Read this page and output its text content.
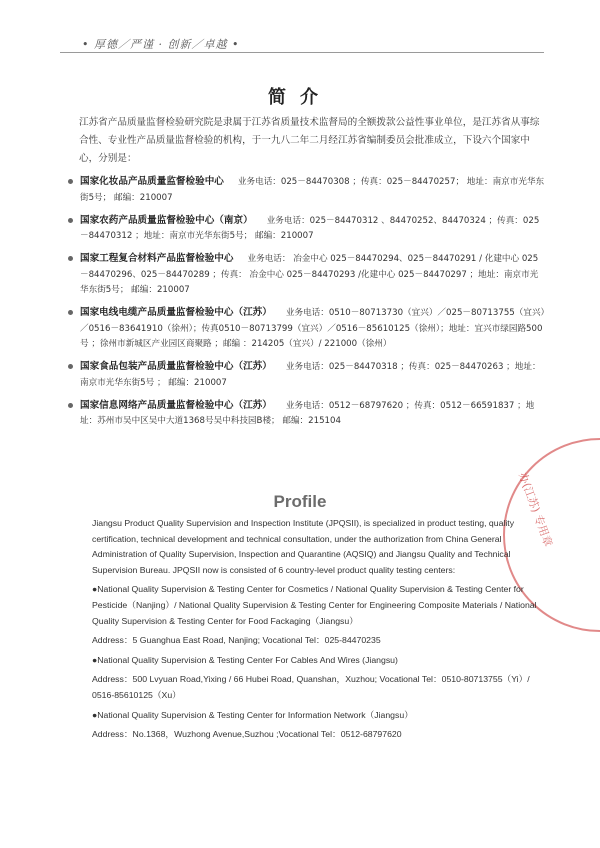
• 厚德／严谨 · 创新／卓越 •
简介
江苏省产品质量监督检验研究院是隶属于江苏省质量技术监督局的全额拨款公益性事业单位，是江苏省从事综合性、专业性产品质量监督检验的机构，于一九八二年二月经江苏省编制委员会批准成立，下设六个国家中心，分别是：
国家化妆品产品质量监督检验中心 业务电话：025－84470308 ；传真：025－84470257； 地址：南京市光华东街5号； 邮编：210007
国家农药产品质量监督检验中心（南京） 业务电话：025－84470312 、84470252、84470324 ；传真：025－84470312 ；地址：南京市光华东街5号； 邮编：210007
国家工程复合材料产品监督检验中心 业务电话： 冶金中心 025－84470294、025－84470291 / 化建中心 025－84470296、025－84470289 ；传真： 冶金中心 025－84470293 /化建中心 025－84470297 ；地址：南京市光华东街5号； 邮编：210007
国家电线电缆产品质量监督检验中心（江苏） 业务电话：0510－80713730（宜兴）／025－80713755（宜兴）／0516－83641910（徐州）；传真0510－80713799（宜兴）／0516－85610125（徐州）；地址：宜兴市绿园路500号 ；徐州市新城区产业园区商聚路 ；邮编 ：214205（宜兴）/ 221000（徐州）
国家食品包装产品质量监督检验中心（江苏） 业务电话：025－84470318 ；传真：025－84470263 ；地址： 南京市光华东街5号 ； 邮编：210007
国家信息网络产品质量监督检验中心（江苏） 业务电话：0512－68797620 ；传真：0512－66591837 ；地址：苏州市吴中区吴中大道1368号吴中科技园B楼； 邮编：215104
办(江苏) 专用章
Profile

Jiangsu Product Quality Supervision and Inspection Institute (JPQSII), is specialized in product testing, quality certification, technical development and technical consultation, under the authorization from China General Administration of Quality Supervision, Inspection and Quarantine (AQSIQ) and Jiangsu Quality and Technical Supervision Bureau. JPQSII now is consisted of 6 country-level product quality testing centers:

●National Quality Supervision & Testing Center for Cosmetics / National Quality Supervision & Testing Center for Pesticide（Nanjing）/ National Quality Supervision & Testing Center for Engineering Composite Materials / National Quality Supervision & Testing Center for Food Fackaging（Jiangsu）

Address：5 Guanghua East Road, Nanjing; Vocational Tel：025-84470235

●National Quality Supervision & Testing Center For Cables And Wires (Jiangsu)

Address：500 Lvyuan Road,Yixing / 66 Hubei Road, Quanshan，Xuzhou; Vocational Tel：0510-80713755（Yi）/ 0516-85610125（Xu）

●National Quality Supervision & Testing Center for Information Network（Jiangsu）

Address：No.1368，Wuzhong Avenue,Suzhou ;Vocational Tel：0512-68797620
